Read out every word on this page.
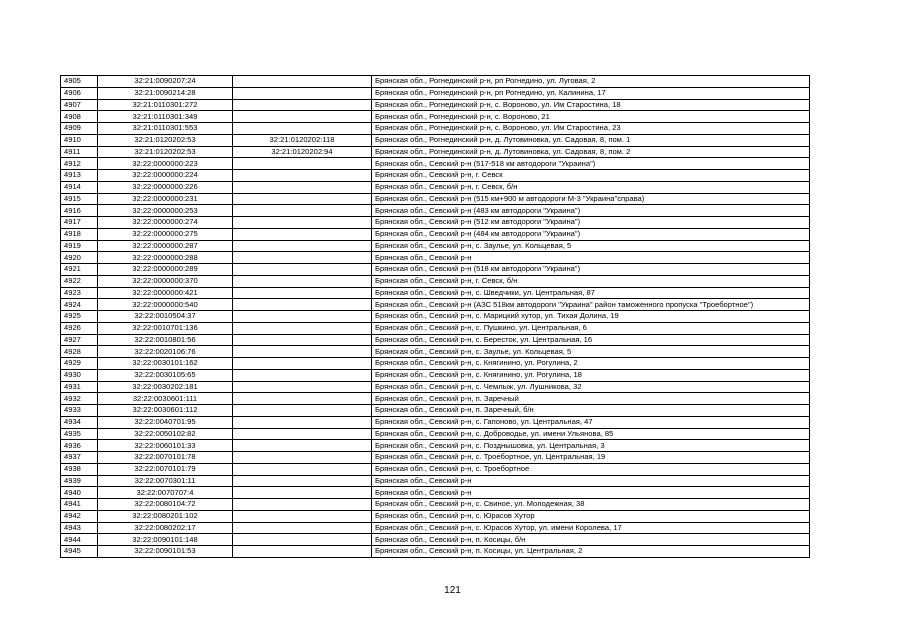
4905	32:21:0090207:24		Брянская обл., Рогнединский р-н, рп Рогнедино, ул. Луговая, 2
4906	32:21:0090214:28		Брянская обл., Рогнединский р-н, рп Рогнедино, ул. Калинина, 17
4907	32:21:0110301:272		Брянская обл., Рогнединский р-н, с. Вороново, ул. Им Старостина, 18
4908	32:21:0110301:349		Брянская обл., Рогнединский р-н, с. Вороново, 21
4909	32:21:0110301:553		Брянская обл., Рогнединский р-н, с. Вороново, ул. Им Старостина, 23
4910	32:21:0120202:53	32:21:0120202:118	Брянская обл., Рогнединский р-н, д. Лутовиновка, ул. Садовая, 8, пом. 1
4911	32:21:0120202:53	32:21:0120202:94	Брянская обл., Рогнединский р-н, д. Лутовиновка, ул. Садовая, 8, пом. 2
4912	32:22:0000000:223		Брянская обл., Севский р-н (517-518 км автодороги "Украина")
4913	32:22:0000000:224		Брянская обл., Севский р-н, г. Севск
4914	32:22:0000000:226		Брянская обл., Севский р-н, г. Севск, б/н
4915	32:22:0000000:231		Брянская обл., Севский р-н (515 км+900 м автодороги М-3 "Украина"справа)
4916	32:22:0000000:253		Брянская обл., Севский р-н (483 км автодороги "Украина")
4917	32:22:0000000:274		Брянская обл., Севский р-н (512 км автодороги "Украина")
4918	32:22:0000000:275		Брянская обл., Севский р-н (484 км автодороги "Украина")
4919	32:22:0000000:287		Брянская обл., Севский р-н, с. Заулье, ул. Кольцевая, 5
4920	32:22:0000000:288		Брянская обл., Севский р-н
4921	32:22:0000000:289		Брянская обл., Севский р-н (518 км автодороги "Украина")
4922	32:22:0000000:370		Брянская обл., Севский р-н, г. Севск, б/н
4923	32:22:0000000:421		Брянская обл., Севский р-н, с. Шведчики, ул. Центральная, 87
4924	32:22:0000000:540		Брянская обл., Севский р-н (АЗС 518км автодороги "Украина" район таможенного пропуска "Троебортное")
4925	32:22:0010504:37		Брянская обл., Севский р-н, с. Марицкий хутор, ул. Тихая Долина, 19
4926	32:22:0010701:136		Брянская обл., Севский р-н, с. Пушкино, ул. Центральная, 6
4927	32:22:0010801:56		Брянская обл., Севский р-н, с. Бересток, ул. Центральная, 16
4928	32:22:0020106:76		Брянская обл., Севский р-н, с. Заулье, ул. Кольцевая, 5
4929	32:22:0030101:162		Брянская обл., Севский р-н, с. Княгинино, ул. Рогулина, 2
4930	32:22:0030105:65		Брянская обл., Севский р-н, с. Княгинино, ул. Рогулина, 18
4931	32:22:0030202:181		Брянская обл., Севский р-н, с. Чемлыж, ул. Лушникова, 32
4932	32:22:0030601:111		Брянская обл., Севский р-н, п. Заречный
4933	32:22:0030601:112		Брянская обл., Севский р-н, п. Заречный, б/н
4934	32:22:0040701:95		Брянская обл., Севский р-н, с. Гапоново, ул. Центральная, 47
4935	32:22:0050102:82		Брянская обл., Севский р-н, с. Доброводье, ул. имени Ульянова, 85
4936	32:22:0060101:33		Брянская обл., Севский р-н, с. Позднышовка, ул. Центральная, 3
4937	32:22:0070101:78		Брянская обл., Севский р-н, с. Троебортное, ул. Центральная, 19
4938	32:22:0070101:79		Брянская обл., Севский р-н, с. Троебортное
4939	32:22:0070301:11		Брянская обл., Севский р-н
4940	32:22:0070707:4		Брянская обл., Севский р-н
4941	32:22:0080104:72		Брянская обл., Севский р-н, с. Свиное, ул. Молодежная, 38
4942	32:22:0080201:102		Брянская обл., Севский р-н, с. Юрасов Хутор
4943	32:22:0080202:17		Брянская обл., Севский р-н, с. Юрасов Хутор, ул. имени Королева, 17
4944	32:22:0090101:148		Брянская обл., Севский р-н, п. Косицы, б/н
4945	32:22:0090101:53		Брянская обл., Севский р-н, п. Косицы, ул. Центральная, 2
121
